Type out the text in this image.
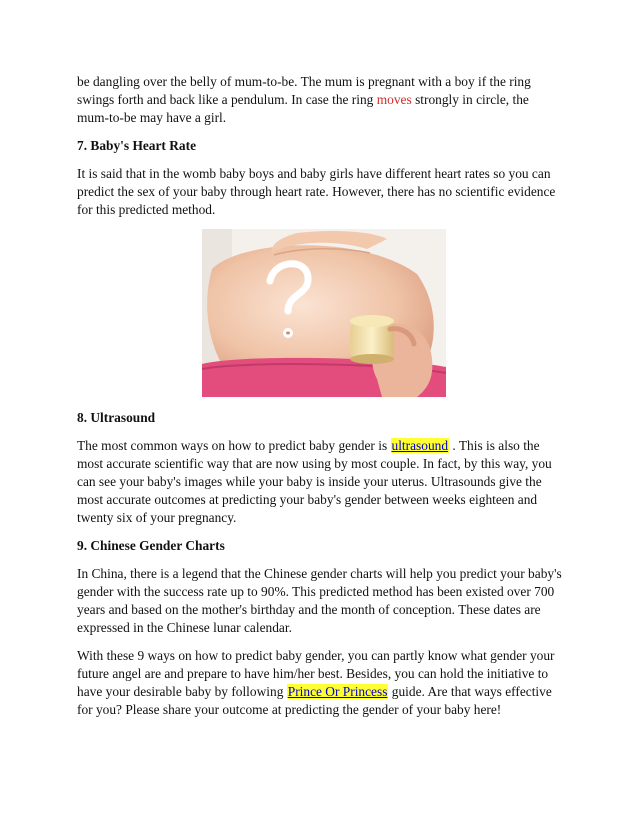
be dangling over the belly of mum-to-be. The mum is pregnant with a boy if the ring
swings forth and back like a pendulum. In case the ring moves strongly in circle, the
mum-to-be may have a girl.

7. Baby's Heart Rate

It is said that in the womb baby boys and baby girls have different heart rates so you can predict the sex of your baby through heart rate. However, there has no scientific evidence for this predicted method.

8. Ultrasound

The most common ways on how to predict baby gender is ultrasound . This is also the most accurate scientific way that are now using by most couple. In fact, by this way, you can see your baby's images while your baby is inside your uterus. Ultrasounds give the most accurate outcomes at predicting your baby's gender between weeks eighteen and twenty six of your pregnancy.

9. Chinese Gender Charts

In China, there is a legend that the Chinese gender charts will help you predict your baby's gender with the success rate up to 90%. This predicted method has been existed over 700 years and based on the mother's birthday and the month of conception. These dates are expressed in the Chinese lunar calendar.

With these 9 ways on how to predict baby gender, you can partly know what gender your future angel are and prepare to have him/her best. Besides, you can hold the initiative to have your desirable baby by following Prince Or Princess guide. Are that ways effective for you? Please share your outcome at predicting the gender of your baby here!
